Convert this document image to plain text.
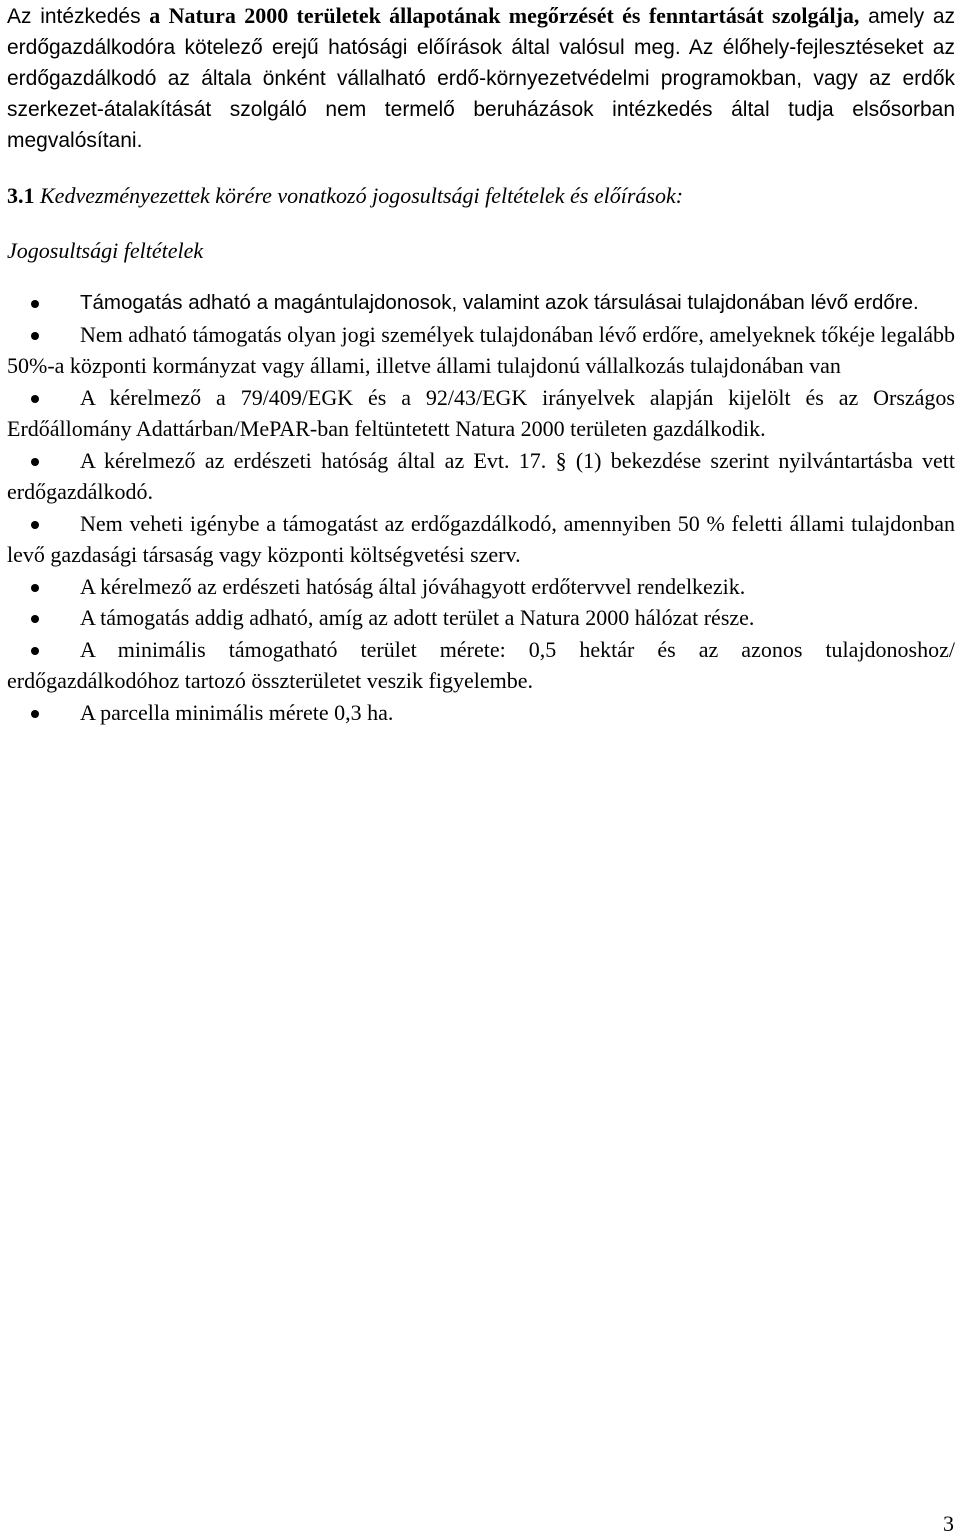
Az intézkedés a Natura 2000 területek állapotának megőrzését és fenntartását szolgálja, amely az erdőgazdálkodóra kötelező erejű hatósági előírások által valósul meg. Az élőhely-fejlesztéseket az erdőgazdálkodó az általa önként vállalható erdő-környezetvédelmi programokban, vagy az erdők szerkezet-átalakítását szolgáló nem termelő beruházások intézkedés által tudja elsősorban megvalósítani.

3.1 Kedvezményezettek körére vonatkozó jogosultsági feltételek és előírások:

Jogosultsági feltételek

Támogatás adható a magántulajdonosok, valamint azok társulásai tulajdonában lévő erdőre.
Nem adható támogatás olyan jogi személyek tulajdonában lévő erdőre, amelyeknek tőkéje legalább 50%-a központi kormányzat vagy állami, illetve állami tulajdonú vállalkozás tulajdonában van
A kérelmező a 79/409/EGK és a 92/43/EGK irányelvek alapján kijelölt és az Országos Erdőállomány Adattárban/MePAR-ban feltüntetett Natura 2000 területen gazdálkodik.
A kérelmező az erdészeti hatóság által az Evt. 17. § (1) bekezdése szerint nyilvántartásba vett erdőgazdálkodó.
Nem veheti igénybe a támogatást az erdőgazdálkodó, amennyiben 50 % feletti állami tulajdonban levő gazdasági társaság vagy központi költségvetési szerv.
A kérelmező az erdészeti hatóság által jóváhagyott erdőtervvel rendelkezik.
A támogatás addig adható, amíg az adott terület a Natura 2000 hálózat része.
A minimális támogatható terület mérete: 0,5 hektár és az azonos tulajdonoshoz/ erdőgazdálkodóhoz tartozó összterületet veszik figyelembe.
A parcella minimális mérete 0,3 ha.
3
